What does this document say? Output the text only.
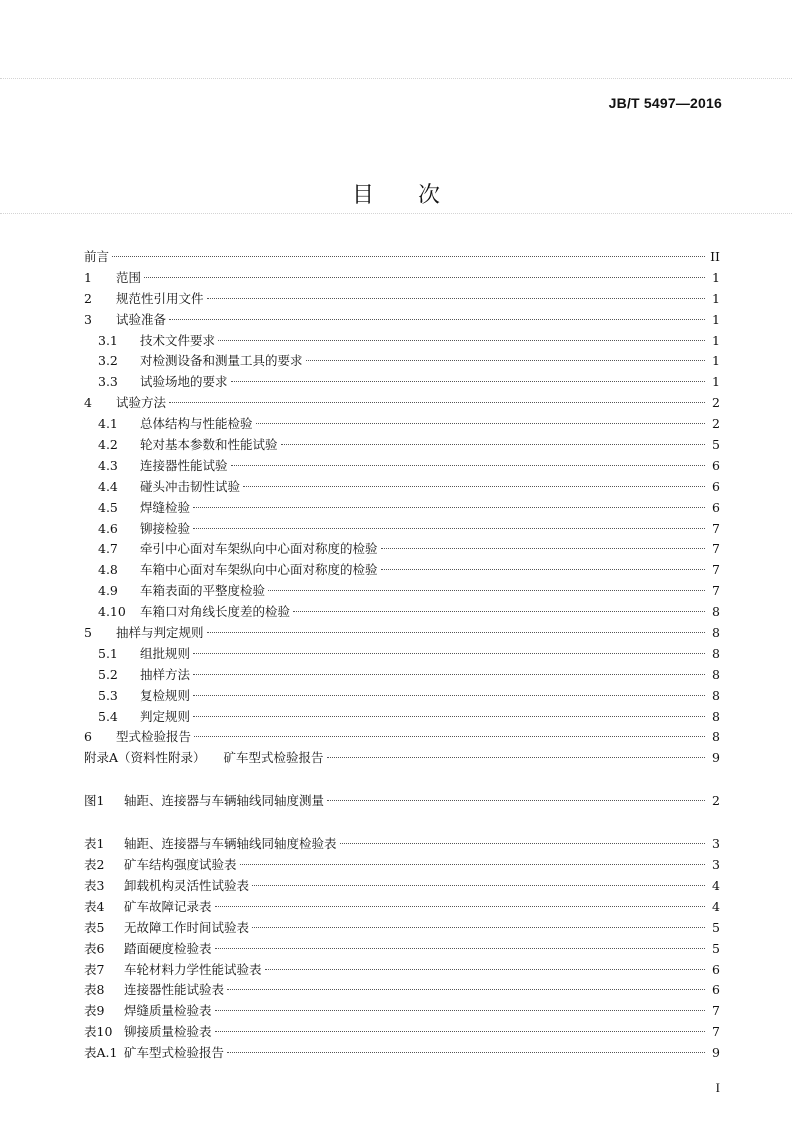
JB/T 5497—2016
目次
前言	II
1	范围	1
2	规范性引用文件	1
3	试验准备	1
3.1	技术文件要求	1
3.2	对检测设备和测量工具的要求	1
3.3	试验场地的要求	1
4	试验方法	2
4.1	总体结构与性能检验	2
4.2	轮对基本参数和性能试验	5
4.3	连接器性能试验	6
4.4	碰头冲击韧性试验	6
4.5	焊缝检验	6
4.6	铆接检验	7
4.7	牵引中心面对车架纵向中心面对称度的检验	7
4.8	车箱中心面对车架纵向中心面对称度的检验	7
4.9	车箱表面的平整度检验	7
4.10	车箱口对角线长度差的检验	8
5	抽样与判定规则	8
5.1	组批规则	8
5.2	抽样方法	8
5.3	复检规则	8
5.4	判定规则	8
6	型式检验报告	8
附录A（资料性附录）	矿车型式检验报告	9
图1	轴距、连接器与车辆轴线同轴度测量	2
表1	轴距、连接器与车辆轴线同轴度检验表	3
表2	矿车结构强度试验表	3
表3	卸载机构灵活性试验表	4
表4	矿车故障记录表	4
表5	无故障工作时间试验表	5
表6	踏面硬度检验表	5
表7	车轮材料力学性能试验表	6
表8	连接器性能试验表	6
表9	焊缝质量检验表	7
表10 铆接质量检验表	7
表A.1 矿车型式检验报告	9
I
